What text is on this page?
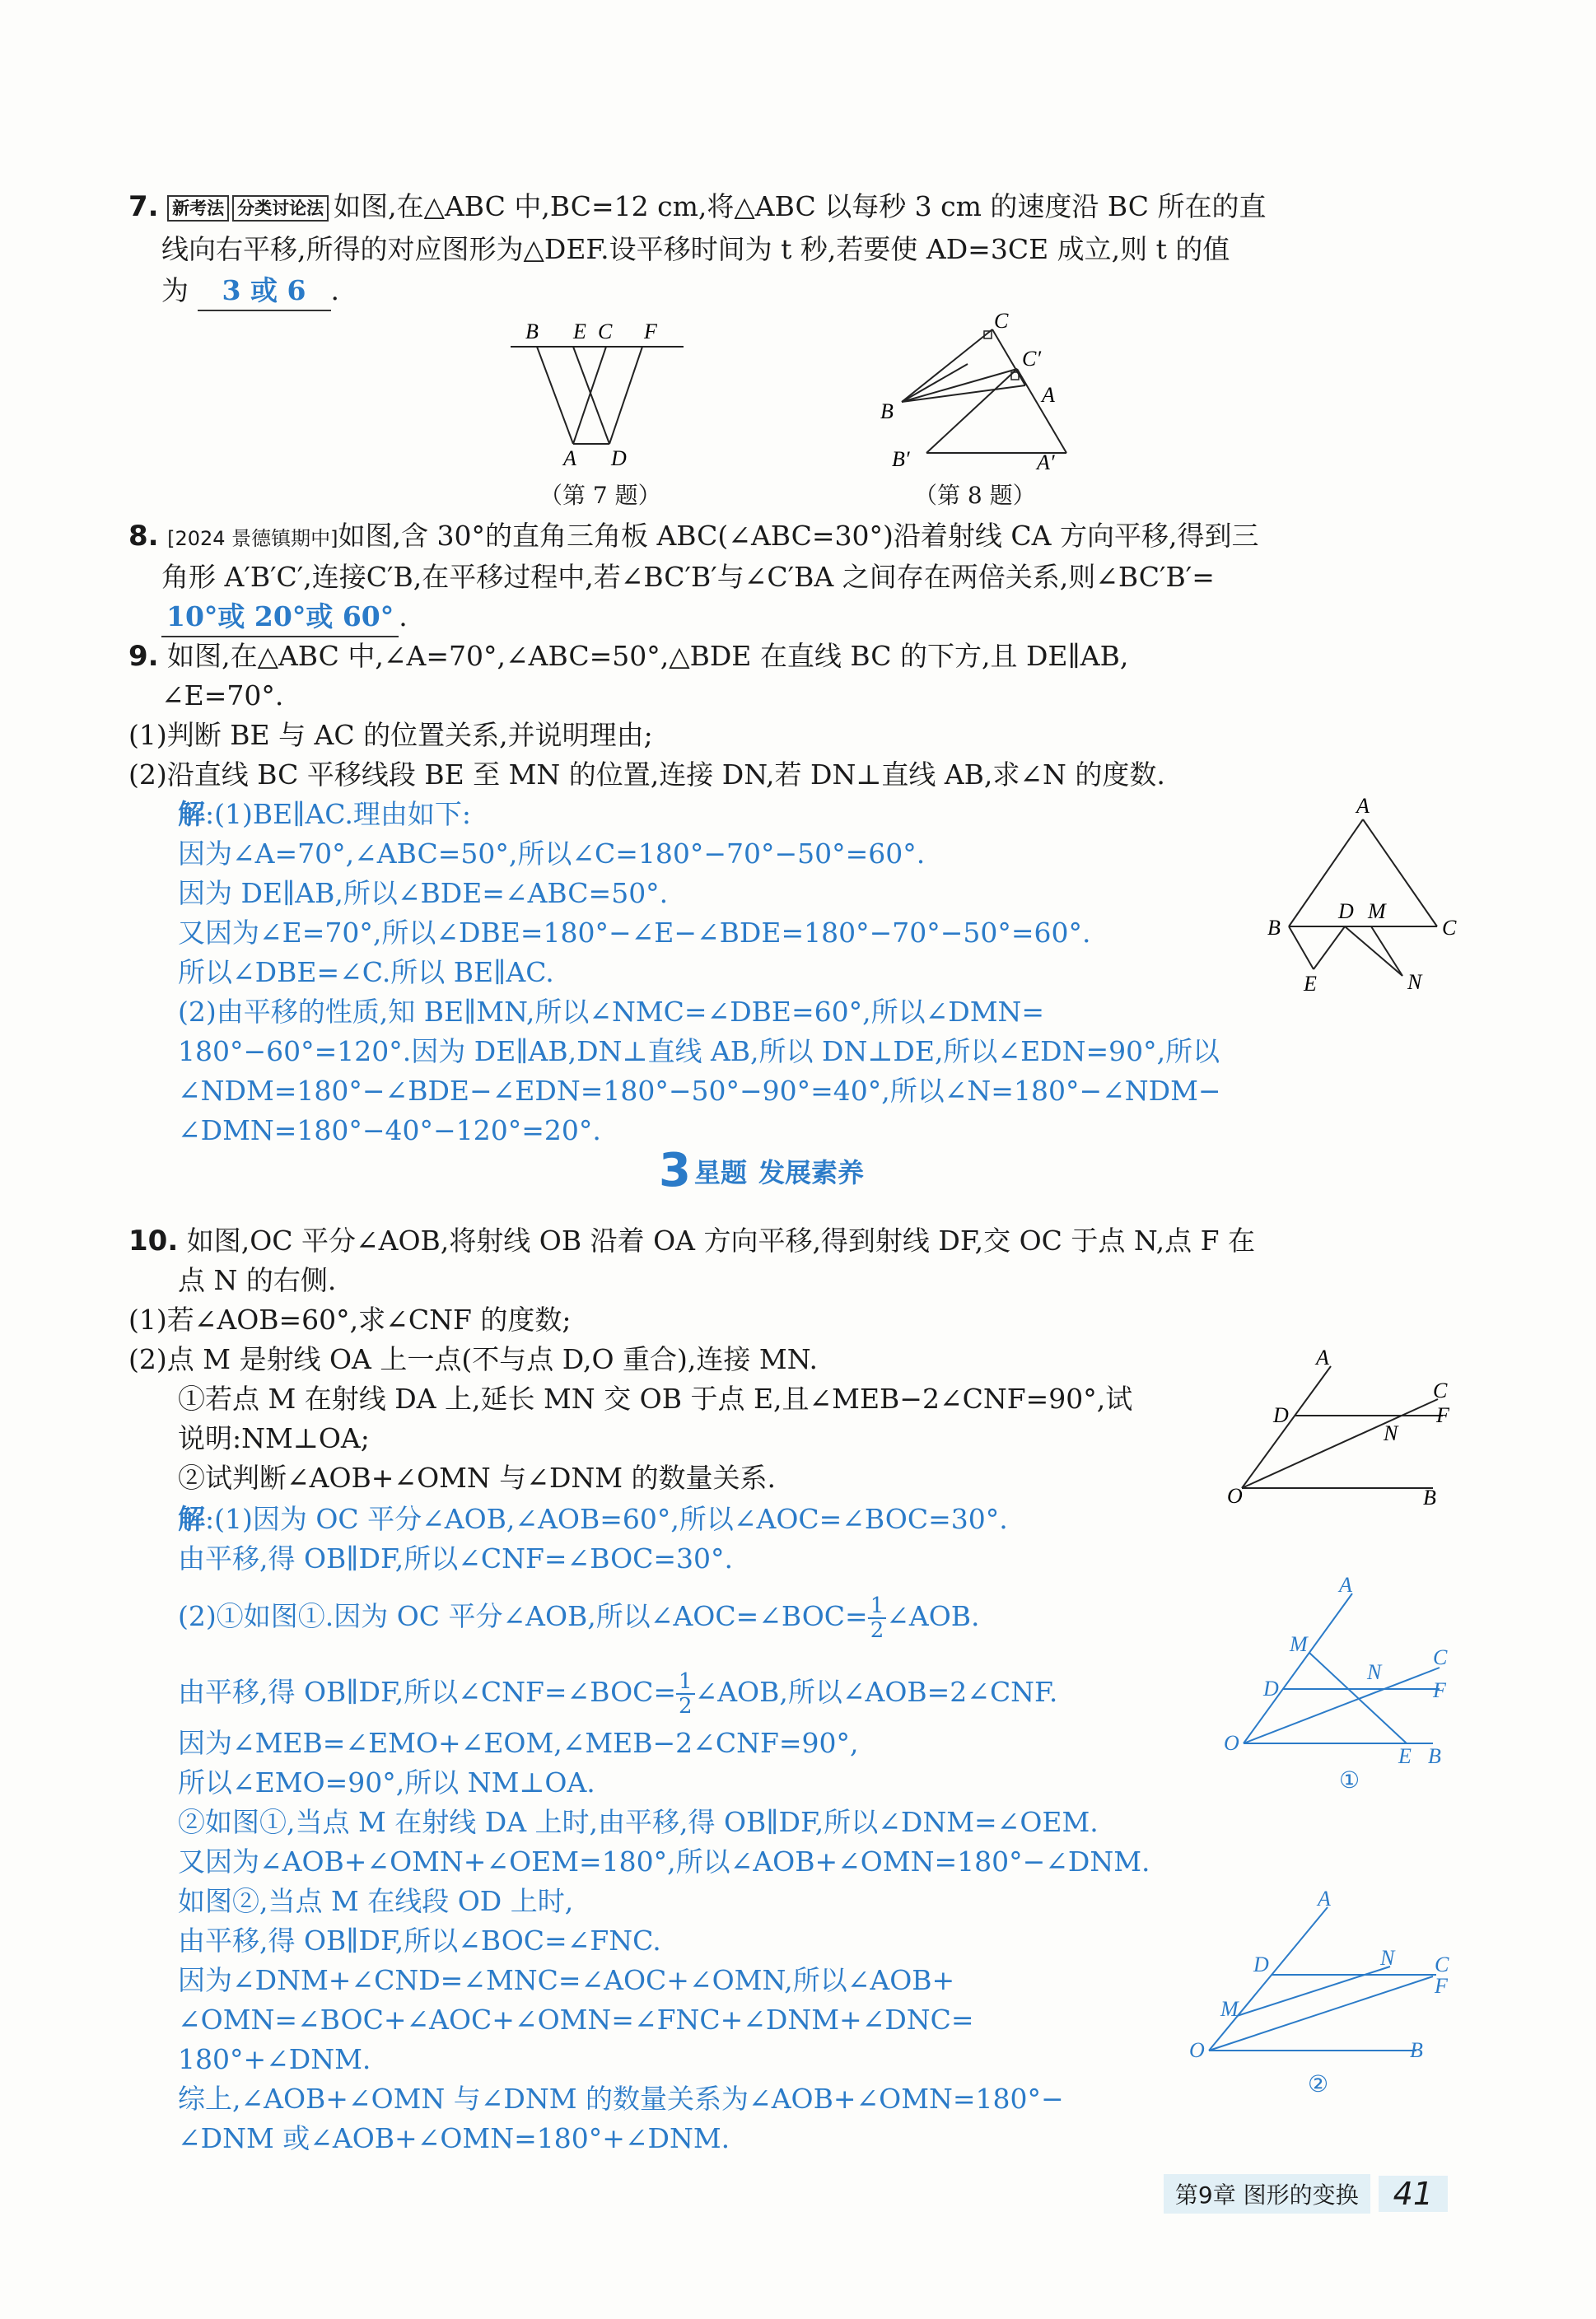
7. 新考法 分类讨论法 如图,在△ABC 中,BC=12 cm,将△ABC 以每秒 3 cm 的速度沿 BC 所在的直
线向右平移,所得的对应图形为△DEF.设平移时间为 t 秒,若要使 AD=3CE 成立,则 t 的值
为 3 或 6 .
B E C F
A D
（第 7 题）
C
C′
A
B
B′	A′
（第 8 题）
8. [2024 景德镇期中]如图,含 30°的直角三角板 ABC(∠ABC=30°)沿着射线 CA 方向平移,得到三
角形 A′B′C′,连接C′B,在平移过程中,若∠BC′B′与∠C′BA 之间存在两倍关系,则∠BC′B′=
10°或 20°或 60° .
9. 如图,在△ABC 中,∠A=70°,∠ABC=50°,△BDE 在直线 BC 的下方,且 DE∥AB,
∠E=70°.
(1)判断 BE 与 AC 的位置关系,并说明理由;
(2)沿直线 BC 平移线段 BE 至 MN 的位置,连接 DN,若 DN⊥直线 AB,求∠N 的度数.
解:(1)BE∥AC.理由如下:
因为∠A=70°,∠ABC=50°,所以∠C=180°−70°−50°=60°.
因为 DE∥AB,所以∠BDE=∠ABC=50°.
又因为∠E=70°,所以∠DBE=180°−∠E−∠BDE=180°−70°−50°=60°.
所以∠DBE=∠C.所以 BE∥AC.
(2)由平移的性质,知 BE∥MN,所以∠NMC=∠DBE=60°,所以∠DMN=
180°−60°=120°.因为 DE∥AB,DN⊥直线 AB,所以 DN⊥DE,所以∠EDN=90°,所以
∠NDM=180°−∠BDE−∠EDN=180°−50°−90°=40°,所以∠N=180°−∠NDM−
∠DMN=180°−40°−120°=20°.
A
B
D M
C
E	N
3 星题 发展素养
10. 如图,OC 平分∠AOB,将射线 OB 沿着 OA 方向平移,得到射线 DF,交 OC 于点 N,点 F 在
点 N 的右侧.
(1)若∠AOB=60°,求∠CNF 的度数;
(2)点 M 是射线 OA 上一点(不与点 D,O 重合),连接 MN.
①若点 M 在射线 DA 上,延长 MN 交 OB 于点 E,且∠MEB−2∠CNF=90°,试
说明:NM⊥OA;
②试判断∠AOB+∠OMN 与∠DNM 的数量关系.
A
D
N
C
F
O	B
解:(1)因为 OC 平分∠AOB,∠AOB=60°,所以∠AOC=∠BOC=30°.
由平移,得 OB∥DF,所以∠CNF=∠BOC=30°.
(2)①如图①.因为 OC 平分∠AOB,所以∠AOC=∠BOC= $\frac{1}{2}$ ∠AOB.
由平移,得 OB∥DF,所以∠CNF=∠BOC= $\frac{1}{2}$ ∠AOB,所以∠AOB=2∠CNF.
因为∠MEB=∠EMO+∠EOM,∠MEB−2∠CNF=90°,
所以∠EMO=90°,所以 NM⊥OA.
②如图①,当点 M 在射线 DA 上时,由平移,得 OB∥DF,所以∠DNM=∠OEM.
又因为∠AOB+∠OMN+∠OEM=180°,所以∠AOB+∠OMN=180°−∠DNM.
如图②,当点 M 在线段 OD 上时,
由平移,得 OB∥DF,所以∠BOC=∠FNC.
因为∠DNM+∠CND=∠MNC=∠AOC+∠OMN,所以∠AOB+
∠OMN=∠BOC+∠AOC+∠OMN=∠FNC+∠DNM+∠DNC=
180°+∠DNM.
综上,∠AOB+∠OMN 与∠DNM 的数量关系为∠AOB+∠OMN=180°−
∠DNM 或∠AOB+∠OMN=180°+∠DNM.
A
M
N
C
D	F
O
E B
①
A
C
D	N
F
M
O	B
②
第9章 图形的变换	41
